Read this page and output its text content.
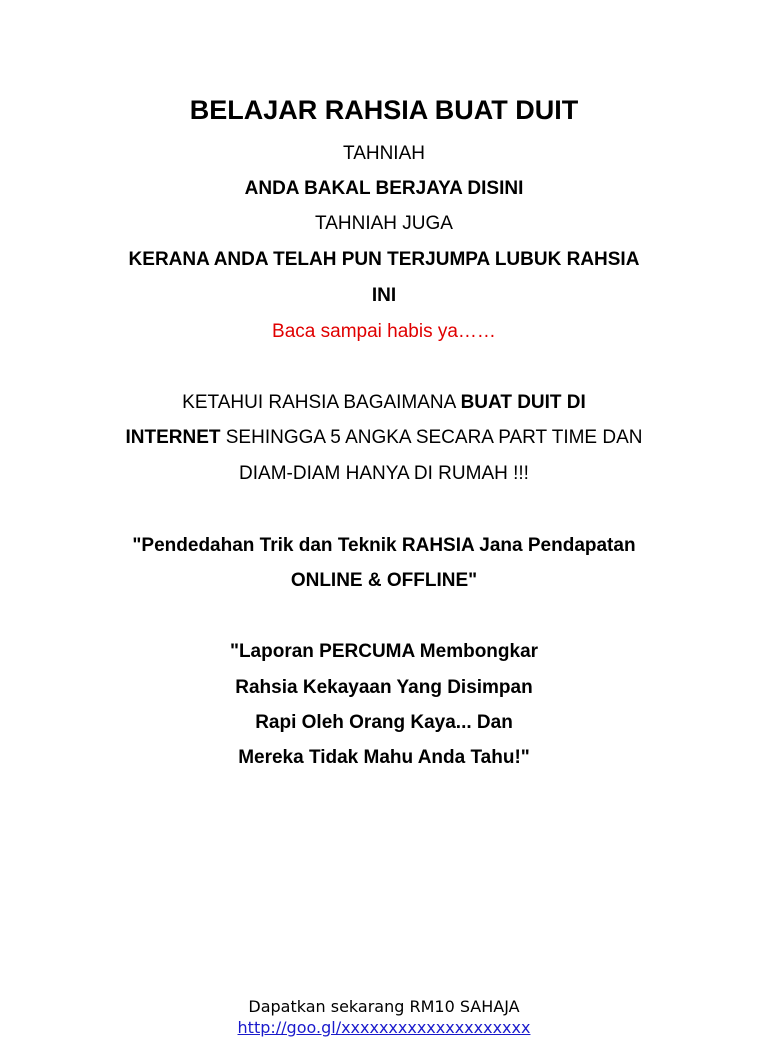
BELAJAR RAHSIA BUAT DUIT
TAHNIAH
ANDA BAKAL BERJAYA DISINI
TAHNIAH JUGA
KERANA ANDA TELAH PUN TERJUMPA LUBUK RAHSIA
INI
Baca sampai habis ya……
KETAHUI RAHSIA BAGAIMANA BUAT DUIT DI
INTERNET SEHINGGA 5 ANGKA SECARA PART TIME DAN
DIAM-DIAM HANYA DI RUMAH !!!
"Pendedahan Trik dan Teknik RAHSIA Jana Pendapatan
ONLINE & OFFLINE"
"Laporan PERCUMA Membongkar
Rahsia Kekayaan Yang Disimpan
Rapi Oleh Orang Kaya... Dan
Mereka Tidak Mahu Anda Tahu!"
Dapatkan sekarang RM10 SAHAJA
http://goo.gl/xxxxxxxxxxxxxxxxxxxx
